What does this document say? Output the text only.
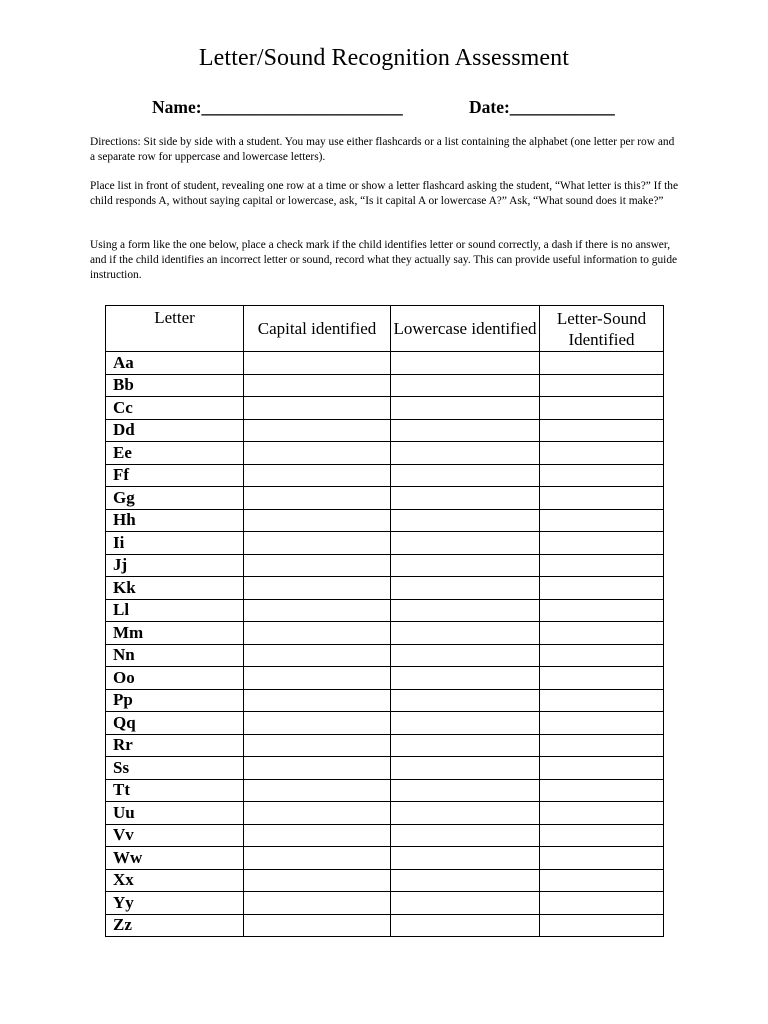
Letter/Sound Recognition Assessment
Name:_______________________	Date:____________

Directions: Sit side by side with a student. You may use either flashcards or a list containing the alphabet (one letter per row and a separate row for uppercase and lowercase letters).

Place list in front of student, revealing one row at a time or show a letter flashcard asking the student, “What letter is this?” If the child responds A, without saying capital or lowercase, ask, “Is it capital A or lowercase A?” Ask, “What sound does it make?”

Using a form like the one below, place a check mark if the child identifies letter or sound correctly, a dash if there is no answer, and if the child identifies an incorrect letter or sound, record what they actually say. This can provide useful information to guide instruction.

Letter	Capital identified	Lowercase identified	Letter-Sound Identified
Aa			
Bb			
Cc			
Dd			
Ee			
Ff			
Gg			
Hh			
Ii			
Jj			
Kk			
Ll			
Mm			
Nn			
Oo			
Pp			
Qq			
Rr			
Ss			
Tt			
Uu			
Vv			
Ww			
Xx			
Yy			
Zz			
